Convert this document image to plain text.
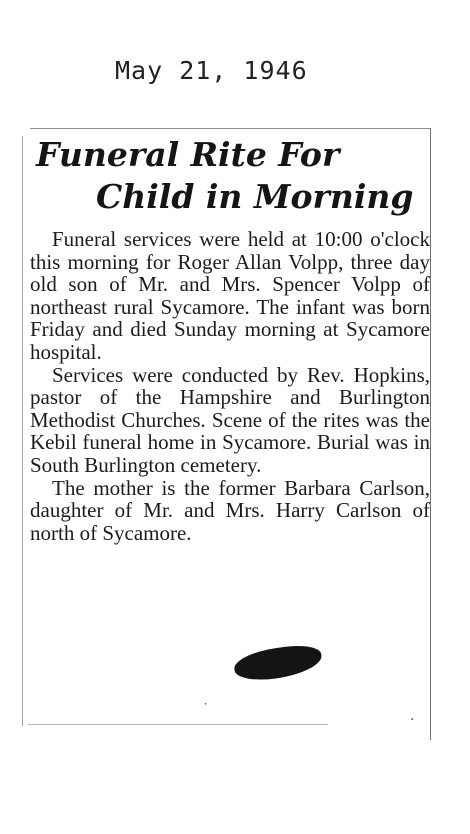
May 21, 1946
Funeral Rite For
Child in Morning

Funeral services were held at 10:00 o'clock this morning for Roger Allan Volpp, three day old son of Mr. and Mrs. Spencer Volpp of northeast rural Sycamore. The infant was born Friday and died Sunday morning at Sycamore hospital.

Services were conducted by Rev. Hopkins, pastor of the Hampshire and Burlington Methodist Churches. Scene of the rites was the Kebil funeral home in Sycamore. Burial was in South Burlington cemetery.

The mother is the former Barbara Carlson, daughter of Mr. and Mrs. Harry Carlson of north of Sycamore.

˙
·
